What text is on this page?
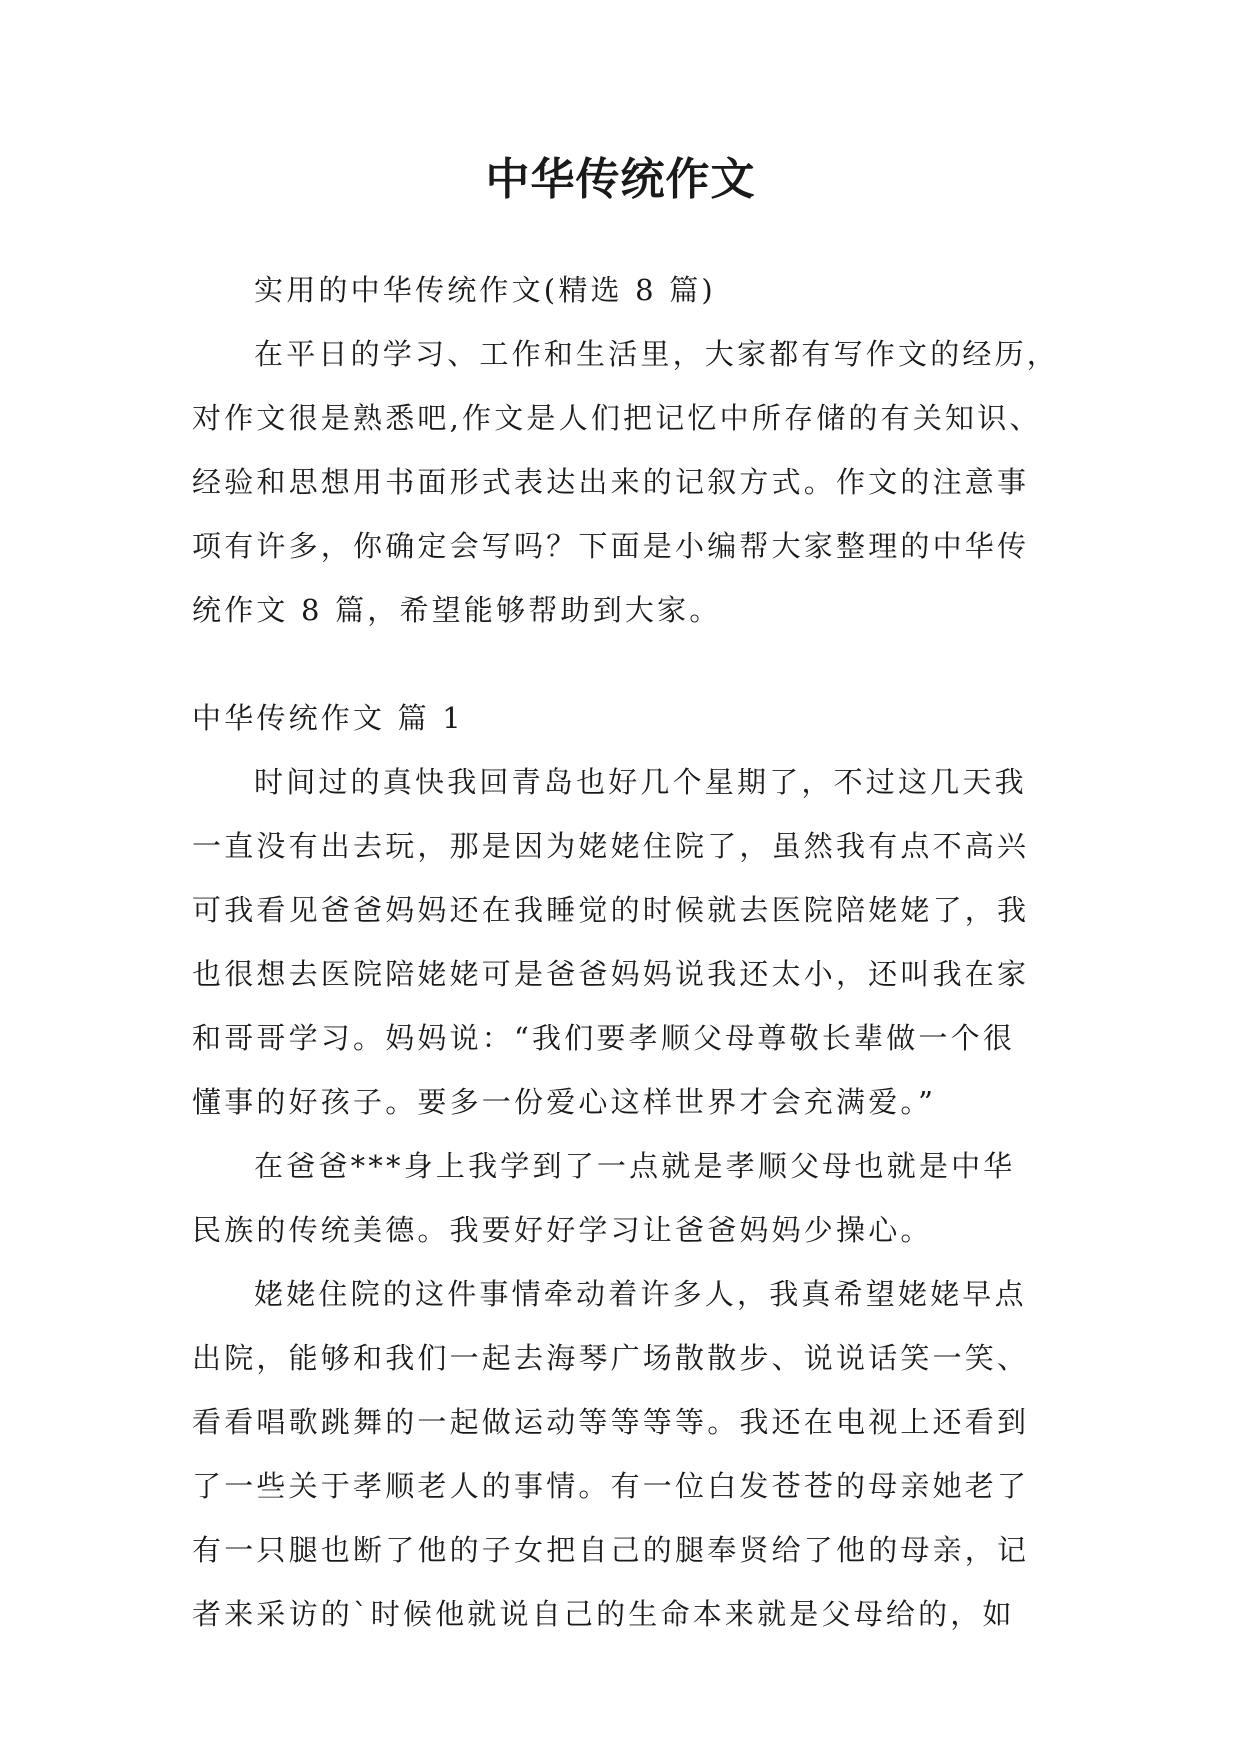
中华传统作文
实用的中华传统作文(精选 8 篇)
在平日的学习、工作和生活里，大家都有写作文的经历，
对作文很是熟悉吧,作文是人们把记忆中所存储的有关知识、
经验和思想用书面形式表达出来的记叙方式。作文的注意事
项有许多，你确定会写吗？下面是小编帮大家整理的中华传
统作文 8 篇，希望能够帮助到大家。
中华传统作文 篇 1
时间过的真快我回青岛也好几个星期了，不过这几天我
一直没有出去玩，那是因为姥姥住院了，虽然我有点不高兴
可我看见爸爸妈妈还在我睡觉的时候就去医院陪姥姥了，我
也很想去医院陪姥姥可是爸爸妈妈说我还太小，还叫我在家
和哥哥学习。妈妈说：“我们要孝顺父母尊敬长辈做一个很
懂事的好孩子。要多一份爱心这样世界才会充满爱。”
在爸爸***身上我学到了一点就是孝顺父母也就是中华
民族的传统美德。我要好好学习让爸爸妈妈少操心。
姥姥住院的这件事情牵动着许多人，我真希望姥姥早点
出院，能够和我们一起去海琴广场散散步、说说话笑一笑、
看看唱歌跳舞的一起做运动等等等等。我还在电视上还看到
了一些关于孝顺老人的事情。有一位白发苍苍的母亲她老了
有一只腿也断了他的子女把自己的腿奉贤给了他的母亲，记
者来采访的`时候他就说自己的生命本来就是父母给的，如
